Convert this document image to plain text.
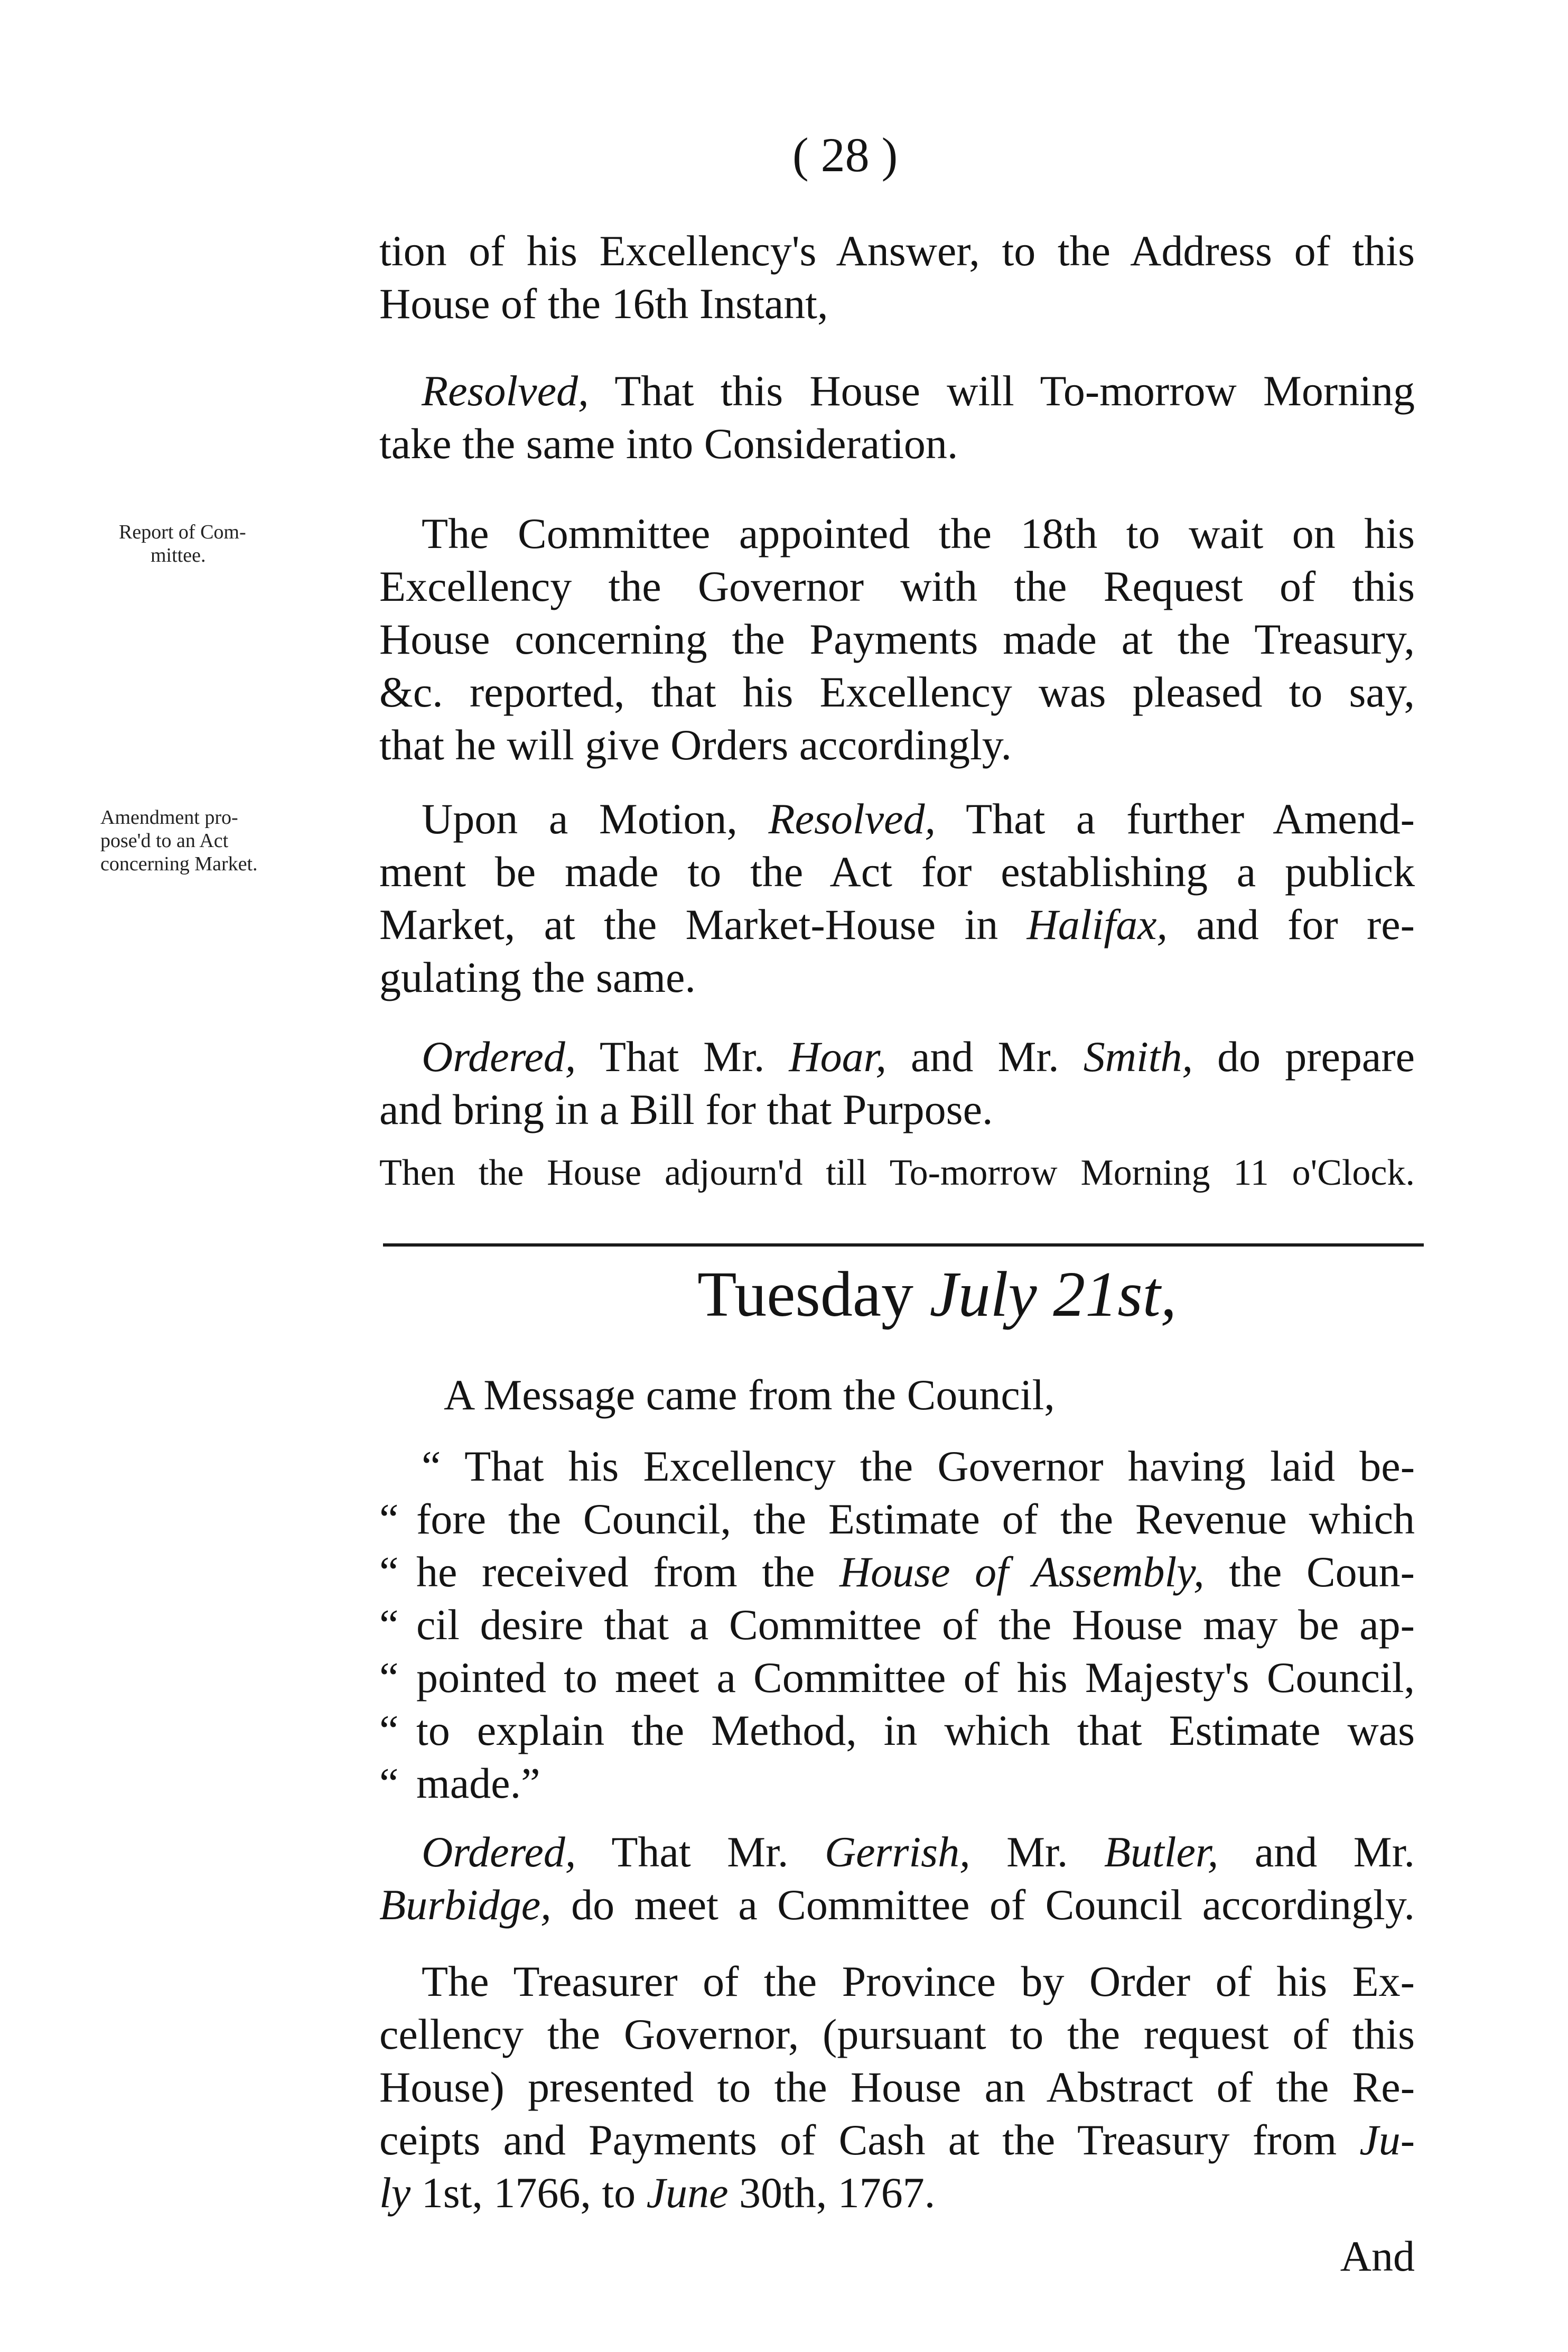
( 28 )
tion of his Excellency's Answer, to the Address of this
House of the 16th Instant,
Resolved, That this House will To-morrow Morning
take the same into Consideration.
Report of Com-
mittee.	The Committee appointed the 18th to wait on his
Excellency the Governor with the Request of this
House concerning the Payments made at the Treasury,
&c. reported, that his Excellency was pleased to say,
that he will give Orders accordingly.
Amendment pro-
pose'd to an Act
concerning Market.
Upon a Motion, Resolved, That a further Amend-
ment be made to the Act for establishing a publick
Market, at the Market-House in Halifax, and for re-
gulating the same.
Ordered, That Mr. Hoar, and Mr. Smith, do prepare
and bring in a Bill for that Purpose.
Then the House adjourn'd till To-morrow Morning 11 o'Clock.
Tuesday July 21st,
A Message came from the Council,
“ That his Excellency the Governor having laid be-
“ fore the Council, the Estimate of the Revenue which
“ he received from the House of Assembly, the Coun-
“ cil desire that a Committee of the House may be ap-
“ pointed to meet a Committee of his Majesty's Council,
“ to explain the Method, in which that Estimate was
“ made.”
Ordered, That Mr. Gerrish, Mr. Butler, and Mr.
Burbidge, do meet a Committee of Council accordingly.
The Treasurer of the Province by Order of his Ex-
cellency the Governor, (pursuant to the request of this
House) presented to the House an Abstract of the Re-
ceipts and Payments of Cash at the Treasury from Ju-
ly 1st, 1766, to June 30th, 1767.
And
